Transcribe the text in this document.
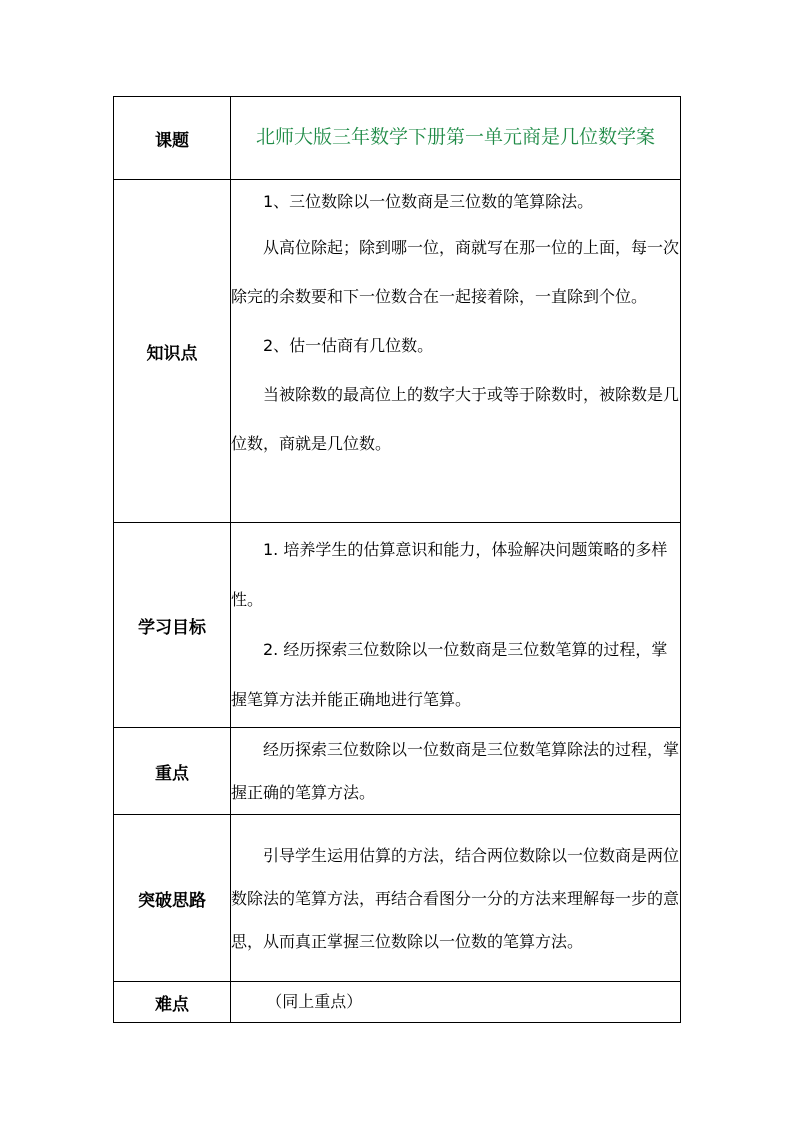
课题	北师大版三年数学下册第一单元商是几位数学案

知识点	1、三位数除以一位数商是三位数的笔算除法。

从高位除起；除到哪一位，商就写在那一位的上面，每一次除完的余数要和下一位数合在一起接着除，一直除到个位。

2、估一估商有几位数。

当被除数的最高位上的数字大于或等于除数时，被除数是几位数，商就是几位数。

学习目标	1. 培养学生的估算意识和能力，体验解决问题策略的多样性。

2. 经历探索三位数除以一位数商是三位数笔算的过程，掌握笔算方法并能正确地进行笔算。

重点	经历探索三位数除以一位数商是三位数笔算除法的过程，掌握正确的笔算方法。

突破思路	引导学生运用估算的方法，结合两位数除以一位数商是两位数除法的笔算方法，再结合看图分一分的方法来理解每一步的意思，从而真正掌握三位数除以一位数的笔算方法。

难点	（同上重点）
